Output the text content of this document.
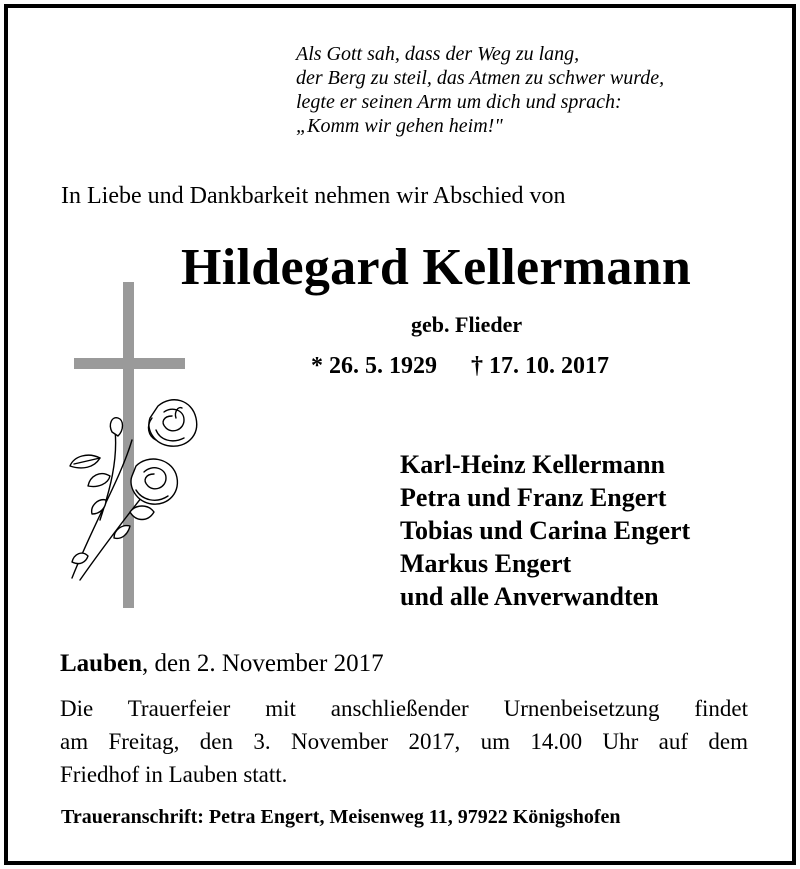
Als Gott sah, dass der Weg zu lang,
der Berg zu steil, das Atmen zu schwer wurde,
legte er seinen Arm um dich und sprach:
„Komm wir gehen heim!"
In Liebe und Dankbarkeit nehmen wir Abschied von
Hildegard Kellermann
geb. Flieder
* 26. 5. 1929 † 17. 10. 2017
Karl-Heinz Kellermann
Petra und Franz Engert
Tobias und Carina Engert
Markus Engert
und alle Anverwandten
Lauben, den 2. November 2017
Die Trauerfeier mit anschließender Urnenbeisetzung findet
am Freitag, den 3. November 2017, um 14.00 Uhr auf dem
Friedhof in Lauben statt.
Traueranschrift: Petra Engert, Meisenweg 11, 97922 Königshofen
